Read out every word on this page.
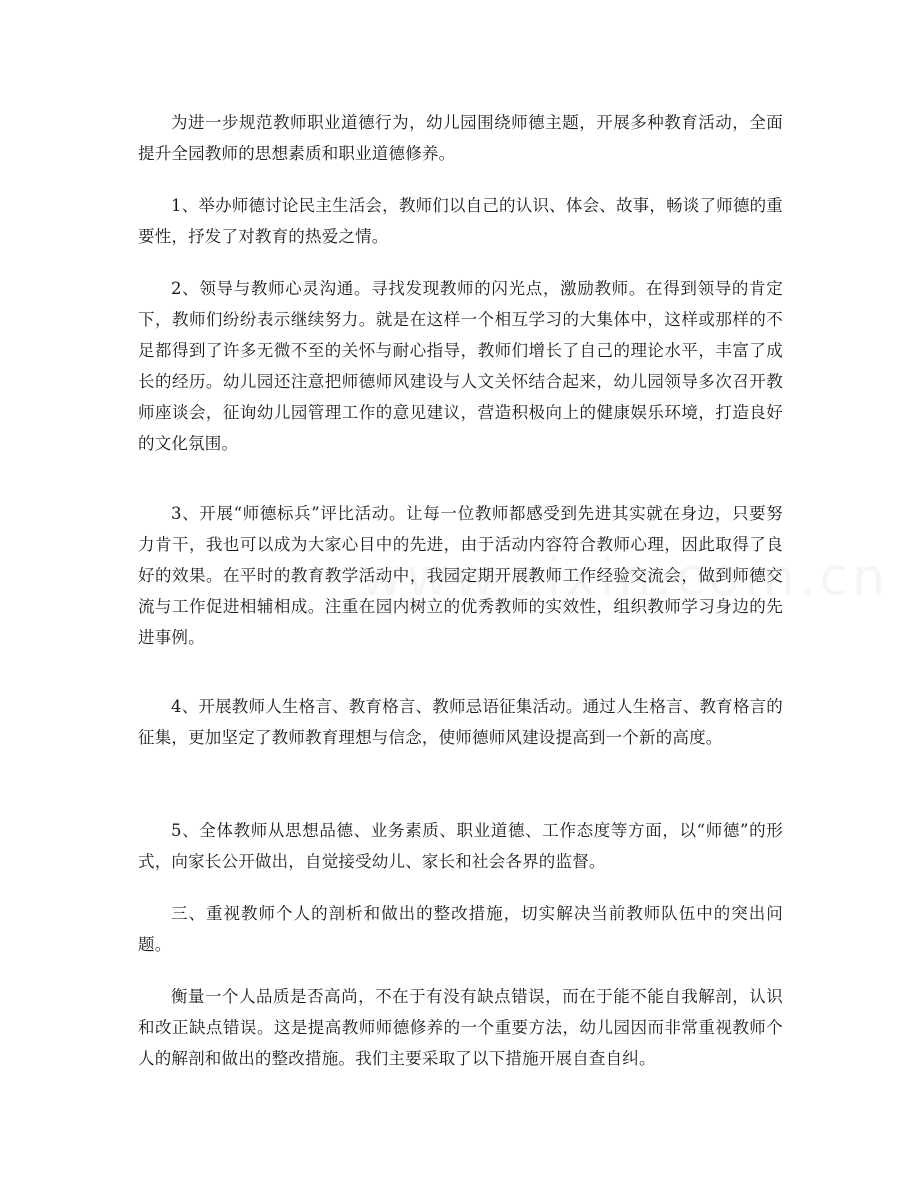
为进一步规范教师职业道德行为，幼儿园围绕师德主题，开展多种教育活动，全面提升全园教师的思想素质和职业道德修养。

1、举办师德讨论民主生活会，教师们以自己的认识、体会、故事，畅谈了师德的重要性，抒发了对教育的热爱之情。

2、领导与教师心灵沟通。寻找发现教师的闪光点，激励教师。在得到领导的肯定下，教师们纷纷表示继续努力。就是在这样一个相互学习的大集体中，这样或那样的不足都得到了许多无微不至的关怀与耐心指导，教师们增长了自己的理论水平，丰富了成长的经历。幼儿园还注意把师德师风建设与人文关怀结合起来，幼儿园领导多次召开教师座谈会，征询幼儿园管理工作的意见建议，营造积极向上的健康娱乐环境，打造良好的文化氛围。

3、开展“师德标兵”评比活动。让每一位教师都感受到先进其实就在身边，只要努力肯干，我也可以成为大家心目中的先进，由于活动内容符合教师心理，因此取得了良好的效果。在平时的教育教学活动中，我园定期开展教师工作经验交流会，做到师德交流与工作促进相辅相成。注重在园内树立的优秀教师的实效性，组织教师学习身边的先进事例。

4、开展教师人生格言、教育格言、教师忌语征集活动。通过人生格言、教育格言的征集，更加坚定了教师教育理想与信念，使师德师风建设提高到一个新的高度。

5、全体教师从思想品德、业务素质、职业道德、工作态度等方面，以“师德”的形式，向家长公开做出，自觉接受幼儿、家长和社会各界的监督。

三、重视教师个人的剖析和做出的整改措施，切实解决当前教师队伍中的突出问题。

衡量一个人品质是否高尚，不在于有没有缺点错误，而在于能不能自我解剖，认识和改正缺点错误。这是提高教师师德修养的一个重要方法，幼儿园因而非常重视教师个人的解剖和做出的整改措施。我们主要采取了以下措施开展自查自纠。
